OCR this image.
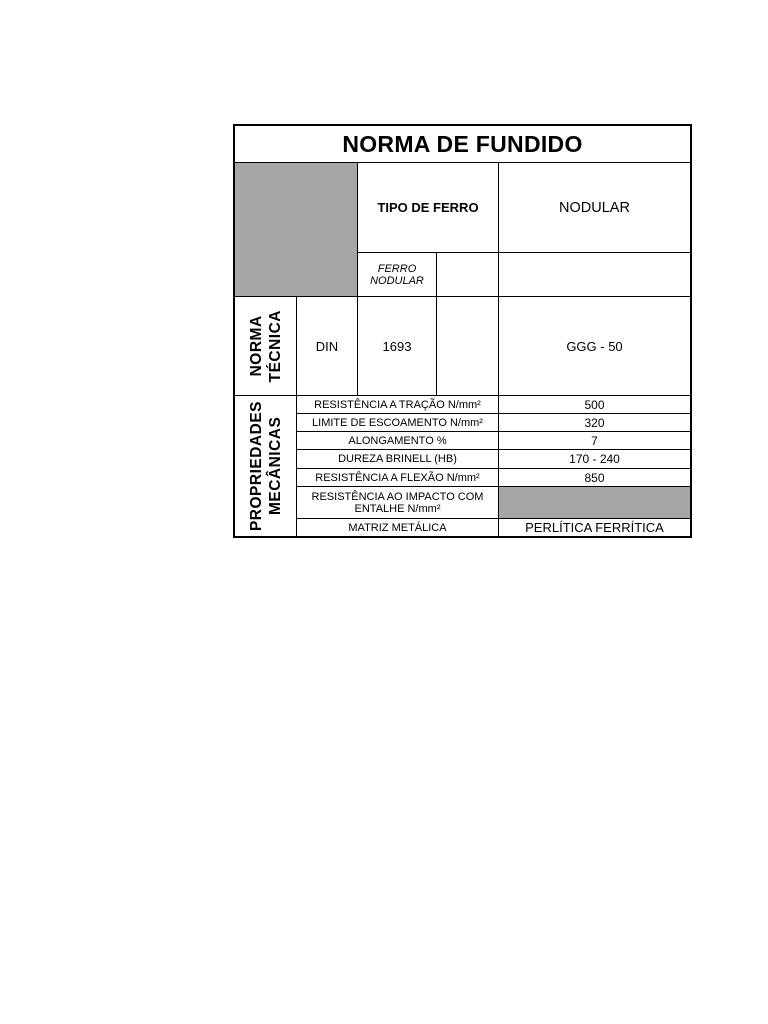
NORMA DE FUNDIDO
TIPO DE FERRO	NODULAR
FERRO
NODULAR
NORMA TÉCNICA	DIN	1693	GGG - 50
PROPRIEDADES MECÂNICAS
RESISTÊNCIA A TRAÇÃO N/mm²	500
LIMITE DE ESCOAMENTO N/mm²	320
ALONGAMENTO %	7
DUREZA BRINELL (HB)	170 - 240
RESISTÊNCIA A FLEXÃO N/mm²	850
RESISTÊNCIA AO IMPACTO COM ENTALHE N/mm²
MATRIZ METÁLICA	PERLÍTICA FERRÍTICA
